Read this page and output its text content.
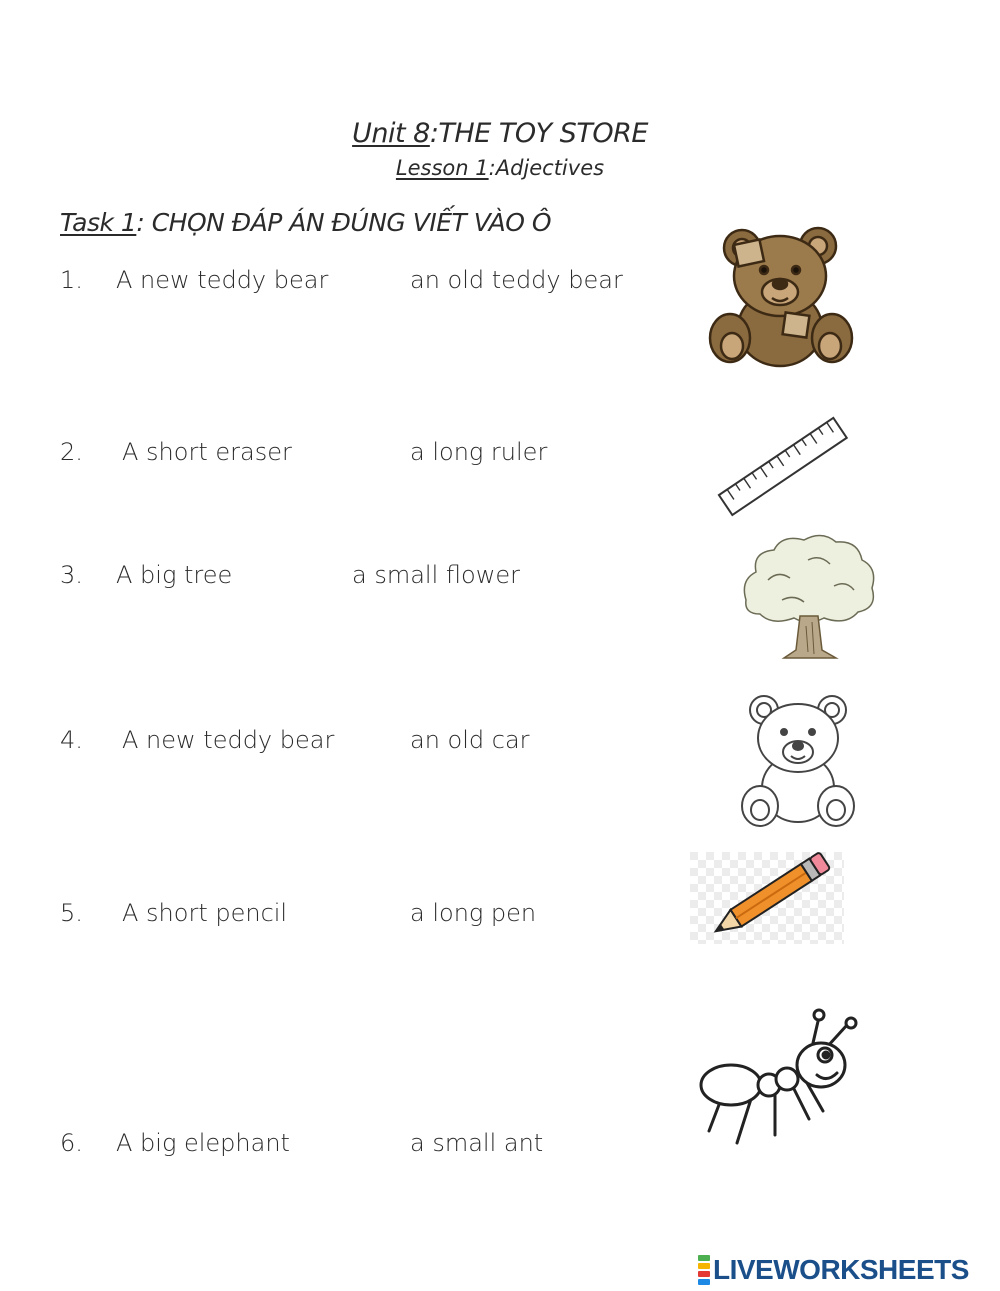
Unit 8:THE TOY STORE
Lesson 1:Adjectives
Task 1: CHỌN ĐÁP ÁN ĐÚNG VIẾT VÀO Ô
1. A new teddy bear	an old teddy bear
2. A short eraser	a long ruler
3. A big tree	a small flower
4. A new teddy bear	an old car
5. A short pencil	a long pen
6. A big elephant	a small ant
LIVEWORKSHEETS
